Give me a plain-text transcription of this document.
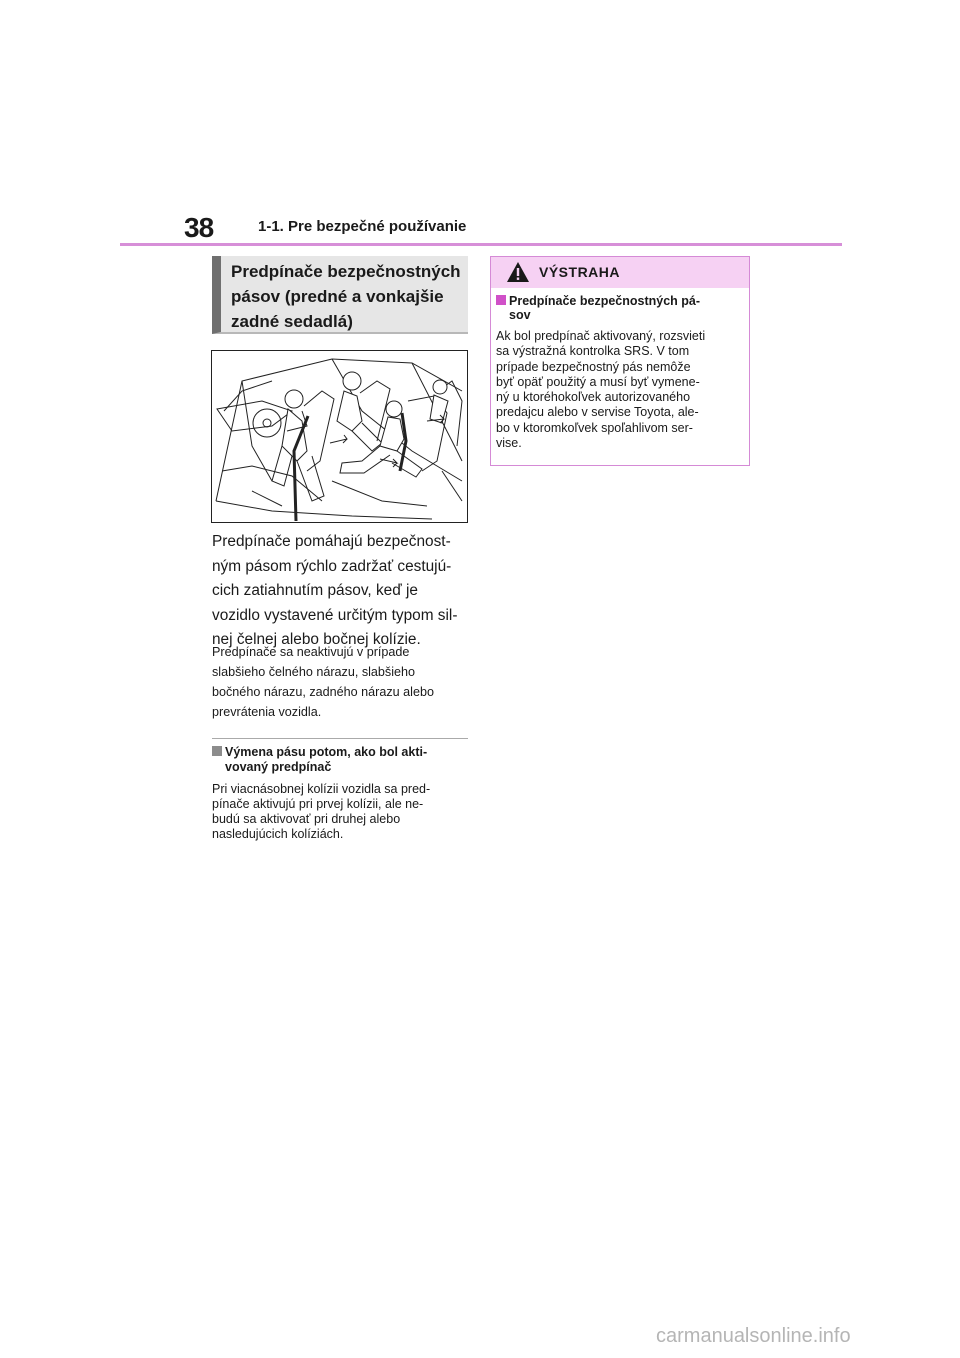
38	1-1. Pre bezpečné používanie
Predpínače bezpečnostných
pásov (predné a vonkajšie
zadné sedadlá)
Predpínače pomáhajú bezpečnost-
ným pásom rýchlo zadržať cestujú-
cich zatiahnutím pásov, keď je
vozidlo vystavené určitým typom sil-
nej čelnej alebo bočnej kolízie.
Predpínače sa neaktivujú v prípade
slabšieho čelného nárazu, slabšieho
bočného nárazu, zadného nárazu alebo
prevrátenia vozidla.
Výmena pásu potom, ako bol akti-
vovaný predpínač
Pri viacnásobnej kolízii vozidla sa pred-
pínače aktivujú pri prvej kolízii, ale ne-
budú sa aktivovať pri druhej alebo
nasledujúcich kolíziách.
VÝSTRAHA
Predpínače bezpečnostných pá-
sov
Ak bol predpínač aktivovaný, rozsvieti
sa výstražná kontrolka SRS. V tom
prípade bezpečnostný pás nemôže
byť opäť použitý a musí byť vymene-
ný u ktoréhokoľvek autorizovaného
predajcu alebo v servise Toyota, ale-
bo v ktoromkoľvek spoľahlivom ser-
vise.
carmanualsonline.info
